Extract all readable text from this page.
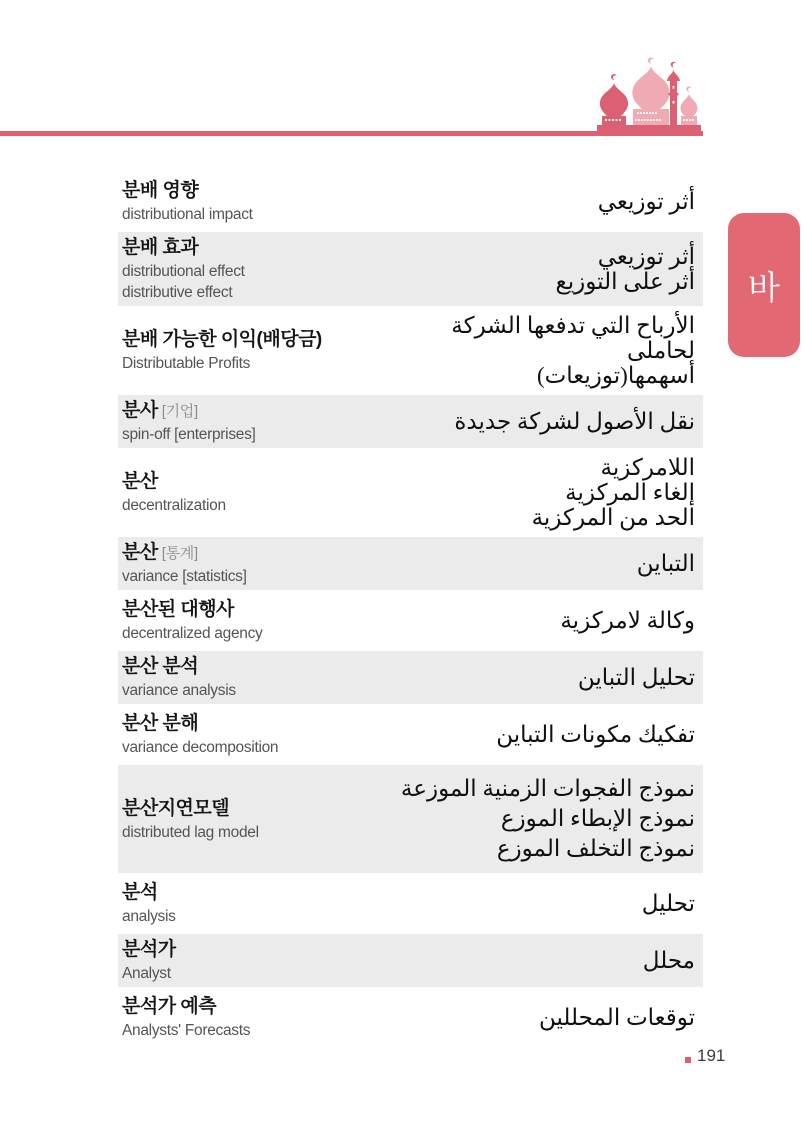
바
분배 영향
distributional impact
أثر توزيعي
분배 효과
distributional effect
distributive effect
أثر توزيعي
أثر على التوزيع
분배 가능한 이익(배당금)
Distributable Profits
الأرباح التي تدفعها الشركة لحاملى
أسهمها(توزيعات)
분사 [기업]
spin-off [enterprises]
نقل الأصول لشركة جديدة
분산
decentralization
اللامركزية
إلغاء المركزية
الحد من المركزية
분산 [통계]
variance [statistics]
التباين
분산된 대행사
decentralized agency
وكالة لامركزية
분산 분석
variance analysis
تحليل التباين
분산 분해
variance decomposition
تفكيك مكونات التباين
분산지연모델
distributed lag model
نموذج الفجوات الزمنية الموزعة
نموذج الإبطاء الموزع
نموذج التخلف الموزع
분석
analysis
تحليل
분석가
Analyst
محلل
분석가 예측
Analysts' Forecasts
توقعات المحللين
191
